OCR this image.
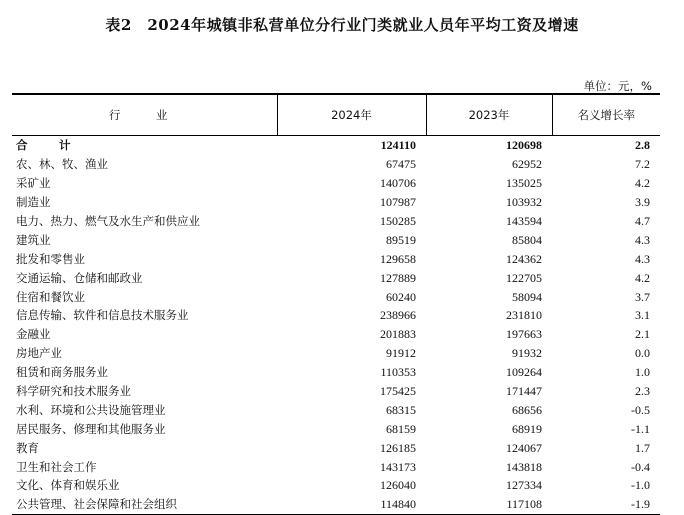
表2　2024年城镇非私营单位分行业门类就业人员年平均工资及增速
单位：元，%
行　业	2024年	2023年	名义增长率
合　计	124110	120698	2.8
农、林、牧、渔业	67475	62952	7.2
采矿业	140706	135025	4.2
制造业	107987	103932	3.9
电力、热力、燃气及水生产和供应业	150285	143594	4.7
建筑业	89519	85804	4.3
批发和零售业	129658	124362	4.3
交通运输、仓储和邮政业	127889	122705	4.2
住宿和餐饮业	60240	58094	3.7
信息传输、软件和信息技术服务业	238966	231810	3.1
金融业	201883	197663	2.1
房地产业	91912	91932	0.0
租赁和商务服务业	110353	109264	1.0
科学研究和技术服务业	175425	171447	2.3
水利、环境和公共设施管理业	68315	68656	-0.5
居民服务、修理和其他服务业	68159	68919	-1.1
教育	126185	124067	1.7
卫生和社会工作	143173	143818	-0.4
文化、体育和娱乐业	126040	127334	-1.0
公共管理、社会保障和社会组织	114840	117108	-1.9
